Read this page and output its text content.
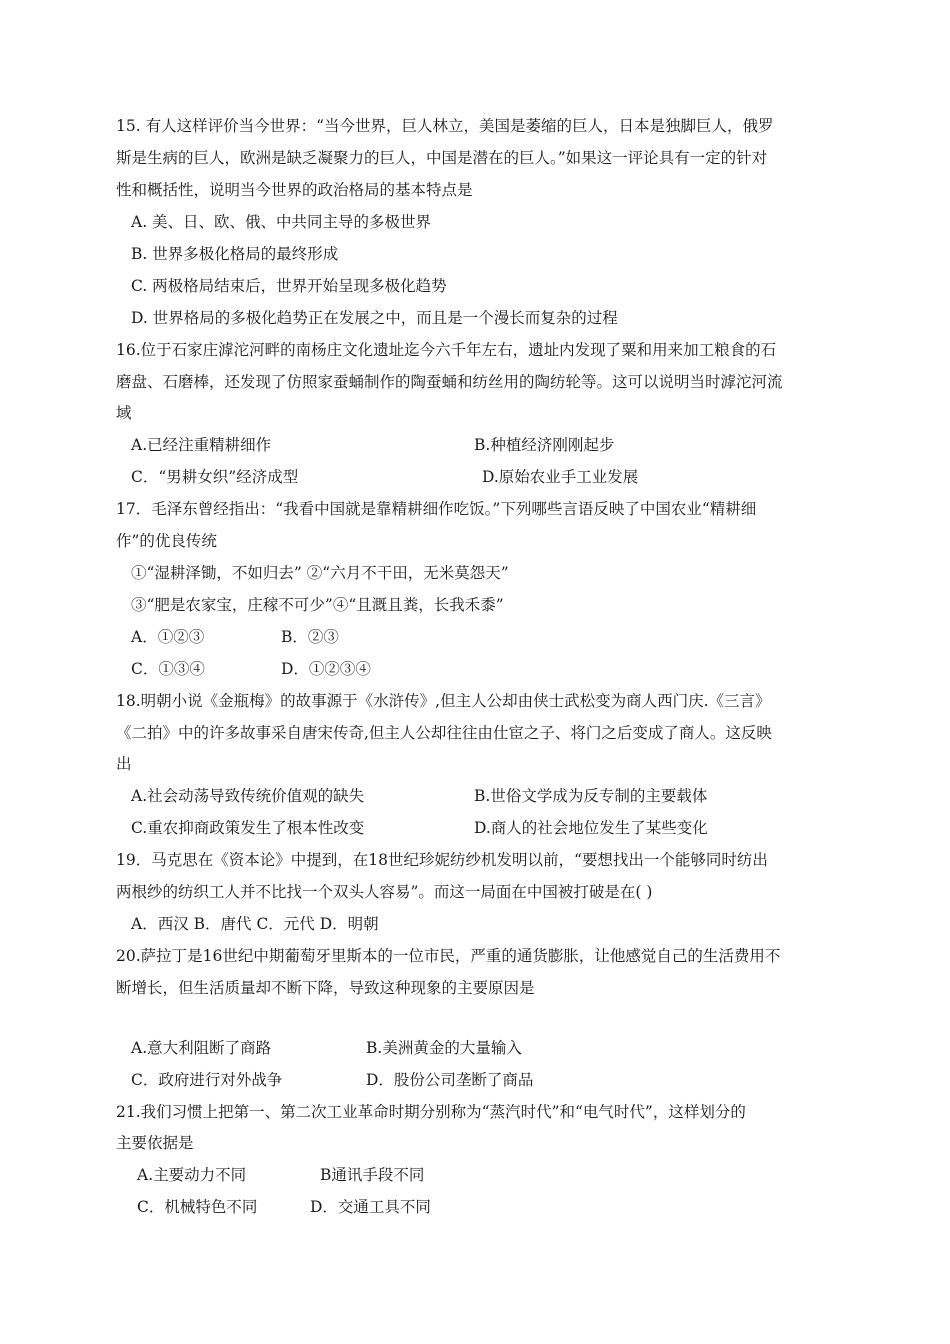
15. 有人这样评价当今世界：“当今世界，巨人林立，美国是萎缩的巨人，日本是独脚巨人，俄罗
斯是生病的巨人，欧洲是缺乏凝聚力的巨人，中国是潜在的巨人。”如果这一评论具有一定的针对
性和概括性，说明当今世界的政治格局的基本特点是
A. 美、日、欧、俄、中共同主导的多极世界
B. 世界多极化格局的最终形成
C. 两极格局结束后，世界开始呈现多极化趋势
D. 世界格局的多极化趋势正在发展之中，而且是一个漫长而复杂的过程
16.位于石家庄滹沱河畔的南杨庄文化遗址迄今六千年左右，遗址内发现了粟和用来加工粮食的石
磨盘、石磨棒，还发现了仿照家蚕蛹制作的陶蚕蛹和纺丝用的陶纺轮等。这可以说明当时滹沱河流
域
A.已经注重精耕细作	B.种植经济刚刚起步
C．“男耕女织”经济成型	D.原始农业手工业发展
17．毛泽东曾经指出：“我看中国就是靠精耕细作吃饭。”下列哪些言语反映了中国农业“精耕细
作”的优良传统
①“湿耕泽锄，不如归去” ②“六月不干田，无米莫怨天”
③“肥是农家宝，庄稼不可少”④“且溉且粪，长我禾黍”
A．①②③	B．②③
C．①③④	D．①②③④
18.明朝小说《金瓶梅》的故事源于《水浒传》,但主人公却由侠士武松变为商人西门庆.《三言》
《二拍》中的许多故事采自唐宋传奇,但主人公却往往由仕宦之子、将门之后变成了商人。这反映
出
A.社会动荡导致传统价值观的缺失	B.世俗文学成为反专制的主要载体
C.重农抑商政策发生了根本性改变	D.商人的社会地位发生了某些变化
19．马克思在《资本论》中提到，在18世纪珍妮纺纱机发明以前，“要想找出一个能够同时纺出
两根纱的纺织工人并不比找一个双头人容易”。而这一局面在中国被打破是在( )
A．西汉 B．唐代 C．元代 D．明朝
20.萨拉丁是16世纪中期葡萄牙里斯本的一位市民，严重的通货膨胀，让他感觉自己的生活费用不
断增长，但生活质量却不断下降，导致这种现象的主要原因是
A.意大利阻断了商路	B.美洲黄金的大量输入
C．政府进行对外战争	D．股份公司垄断了商品
21.我们习惯上把第一、第二次工业革命时期分别称为“蒸汽时代”和“电气时代”，这样划分的
主要依据是
A.主要动力不同	B通讯手段不同
C．机械特色不同	D．交通工具不同
